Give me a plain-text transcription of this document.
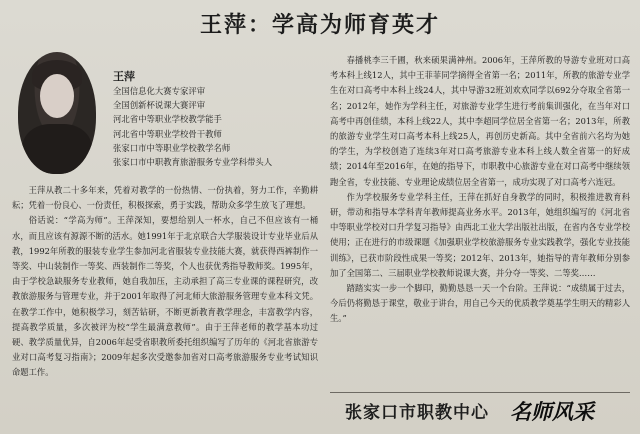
王萍：学高为师育英才
王萍
全国信息化大赛专家评审
全国创新杯说课大赛评审
河北省中等职业学校教学能手
河北省中等职业学校骨干教师
张家口市中等职业学校教学名师
张家口市中职教育旅游服务专业学科带头人

王萍从教二十多年来，凭着对教学的一份热情、一份执着，努力工作，辛勤耕耘；凭着一份良心、一份责任，积极探索，勇于实践，帮助众多学生放飞了理想。

俗话说：“学高为师”。王萍深知，要想给别人一杯水，自己不但应该有一桶水，而且应该有源源不断的活水。她1991年于北京联合大学服装设计专业毕业后从教，1992年所教的服装专业学生参加河北省服装专业技能大赛，就获得西裤制作一等奖、中山装制作一等奖、西装制作二等奖，个人也获优秀指导教师奖。1995年，由于学校急缺服务专业教师，她自我加压，主动承担了高三专业课的课程研究，改教旅游服务与管理专业，并于2001年取得了河北师大旅游服务管理专业本科文凭。在教学工作中，她积极学习，刻苦钻研，不断更新教育教学理念，丰富教学内容，提高教学质量，多次被评为校“学生最满意教师”。由于王萍老师的教学基本功过硬、教学质量优异，自2006年起受省职教所委托组织编写了历年的《河北省旅游专业对口高考复习指南》；2009年起多次受邀参加省对口高考旅游服务专业考试知识命题工作。

春播桃李三千圃，秋来硕果满神州。2006年，王萍所教的导游专业班对口高考本科上线12人，其中王菲菲同学摘得全省第一名；2011年，所教的旅游专业学生在对口高考中本科上线24人，其中导游32班刘欢欢同学以692分夺取全省第一名；2012年，她作为学科主任，对旅游专业学生进行考前集训强化，在当年对口高考中再创佳绩，本科上线22人，其中李超同学位居全省第一名；2013年，所教的旅游专业学生对口高考本科上线25人，再创历史新高。其中全省前六名均为她的学生，为学校创造了连续3年对口高考旅游专业本科上线人数全省第一的好成绩；2014年至2016年，在她的指导下，市职教中心旅游专业在对口高考中继续领跑全省，专业技能、专业理论成绩位居全省第一，成功实现了对口高考六连冠。

作为学校服务专业学科主任，王萍在抓好自身教学的同时，积极推进教育科研，带动和指导本学科青年教师提高业务水平。2013年，她组织编写的《河北省中等职业学校对口升学复习指导》由西北工业大学出版社出版，在省内各专业学校使用；正在进行的市级课题《加强职业学校旅游服务专业实践教学，强化专业技能训练》，已获市阶段性成果一等奖；2012年、2013年，她指导的青年教师分别参加了全国第二、三届职业学校教师说课大赛，并分夺一等奖、二等奖……

踏踏实实一步一个脚印，勤勤恳恳一天一个台阶。王萍说：“成绩属于过去，今后仍将勤恳于课堂，敬业于讲台，用自己今天的优质教学奠基学生明天的精彩人生。”

张家口市职教中心 名师风采
